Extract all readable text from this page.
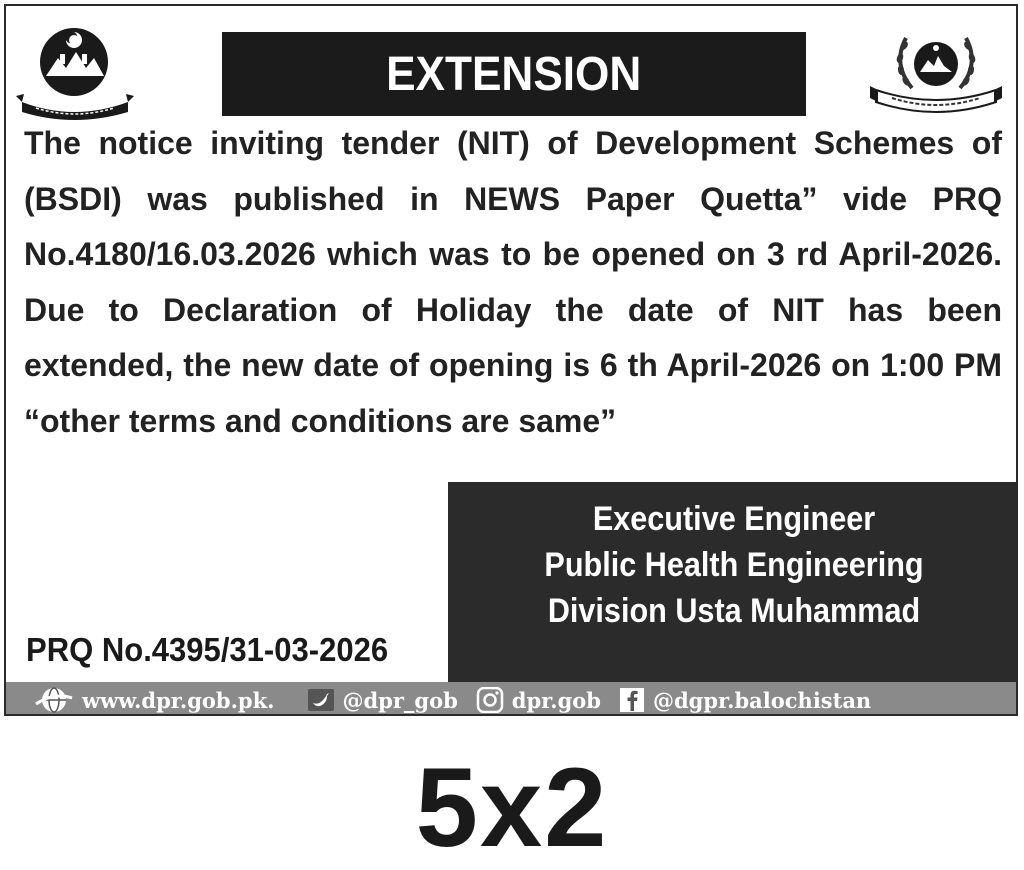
EXTENSION
The notice inviting tender (NIT) of Development Schemes of
(BSDI) was published in NEWS Paper Quetta” vide PRQ
No.4180/16.03.2026 which was to be opened on 3 rd April-2026.
Due to Declaration of Holiday the date of NIT has been
extended, the new date of opening is 6 th April-2026 on 1:00 PM
“other terms and conditions are same”
Executive Engineer
Public Health Engineering
Division Usta Muhammad
PRQ No.4395/31-03-2026
www.dpr.gob.pk.	@dpr_gob	dpr.gob @dgpr.balochistan
5x2
